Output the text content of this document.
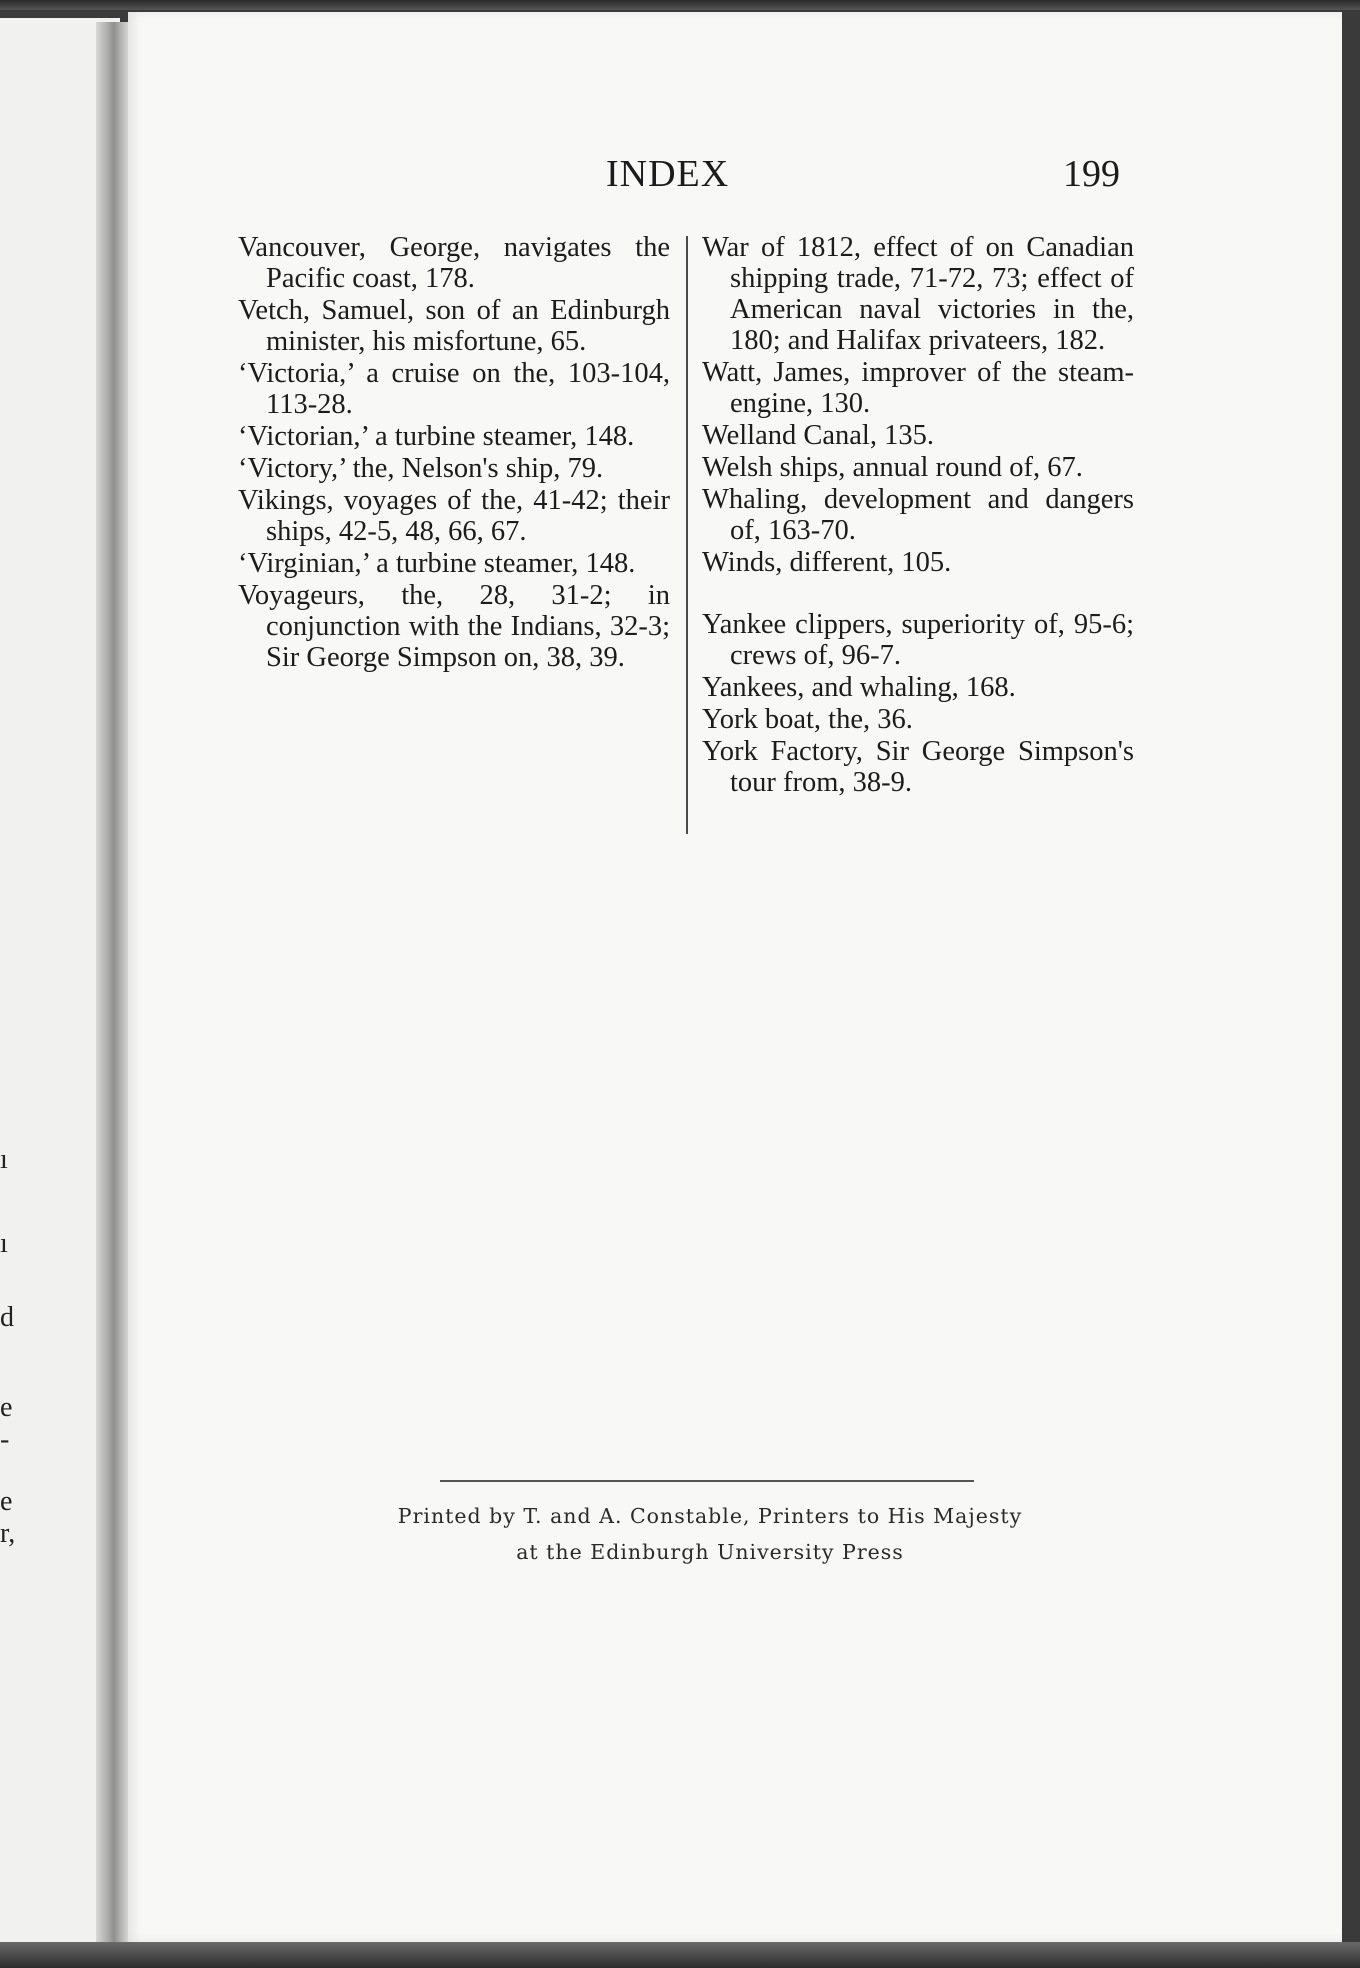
ı
ı
d
e
-
e
r,
INDEX	199

Vancouver, George, navigates the Pacific coast, 178.

Vetch, Samuel, son of an Edinburgh minister, his misfortune, 65.

‘Victoria,’ a cruise on the, 103-104, 113-28.

‘Victorian,’ a turbine steamer, 148.

‘Victory,’ the, Nelson's ship, 79.

Vikings, voyages of the, 41-42; their ships, 42-5, 48, 66, 67.

‘Virginian,’ a turbine steamer, 148.

Voyageurs, the, 28, 31-2; in conjunction with the Indians, 32-3; Sir George Simpson on, 38, 39.

War of 1812, effect of on Canadian shipping trade, 71-72, 73; effect of American naval victories in the, 180; and Halifax privateers, 182.

Watt, James, improver of the steam-engine, 130.

Welland Canal, 135.

Welsh ships, annual round of, 67.

Whaling, development and dangers of, 163-70.

Winds, different, 105.

Yankee clippers, superiority of, 95-6; crews of, 96-7.

Yankees, and whaling, 168.

York boat, the, 36.

York Factory, Sir George Simpson's tour from, 38-9.

Printed by T. and A. Constable, Printers to His Majesty
at the Edinburgh University Press
